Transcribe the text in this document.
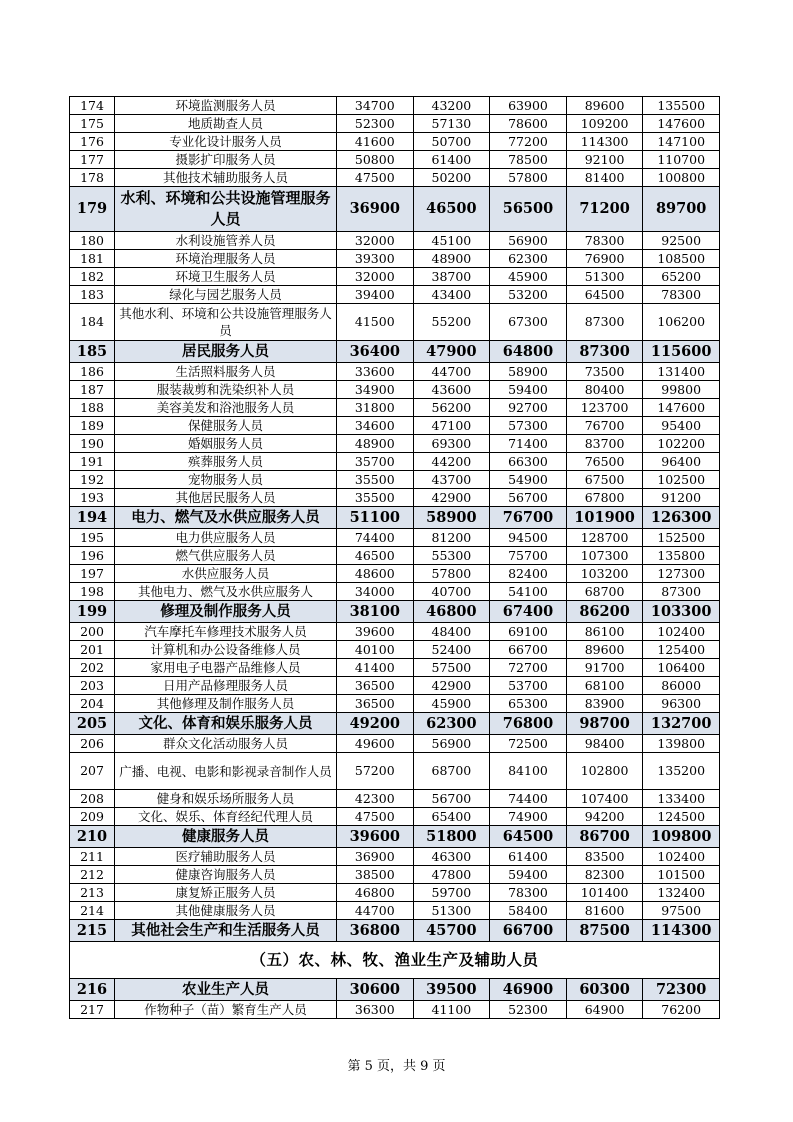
174	环境监测服务人员	34700	43200	63900	89600	135500
175	地质勘查人员	52300	57130	78600	109200	147600
176	专业化设计服务人员	41600	50700	77200	114300	147100
177	摄影扩印服务人员	50800	61400	78500	92100	110700
178	其他技术辅助服务人员	47500	50200	57800	81400	100800
179	水利、环境和公共设施管理服务人员	36900	46500	56500	71200	89700
180	水利设施管养人员	32000	45100	56900	78300	92500
181	环境治理服务人员	39300	48900	62300	76900	108500
182	环境卫生服务人员	32000	38700	45900	51300	65200
183	绿化与园艺服务人员	39400	43400	53200	64500	78300
184	其他水利、环境和公共设施管理服务人员	41500	55200	67300	87300	106200
185	居民服务人员	36400	47900	64800	87300	115600
186	生活照料服务人员	33600	44700	58900	73500	131400
187	服装裁剪和洗染织补人员	34900	43600	59400	80400	99800
188	美容美发和浴池服务人员	31800	56200	92700	123700	147600
189	保健服务人员	34600	47100	57300	76700	95400
190	婚姻服务人员	48900	69300	71400	83700	102200
191	殡葬服务人员	35700	44200	66300	76500	96400
192	宠物服务人员	35500	43700	54900	67500	102500
193	其他居民服务人员	35500	42900	56700	67800	91200
194	电力、燃气及水供应服务人员	51100	58900	76700	101900	126300
195	电力供应服务人员	74400	81200	94500	128700	152500
196	燃气供应服务人员	46500	55300	75700	107300	135800
197	水供应服务人员	48600	57800	82400	103200	127300
198	其他电力、燃气及水供应服务人	34000	40700	54100	68700	87300
199	修理及制作服务人员	38100	46800	67400	86200	103300
200	汽车摩托车修理技术服务人员	39600	48400	69100	86100	102400
201	计算机和办公设备维修人员	40100	52400	66700	89600	125400
202	家用电子电器产品维修人员	41400	57500	72700	91700	106400
203	日用产品修理服务人员	36500	42900	53700	68100	86000
204	其他修理及制作服务人员	36500	45900	65300	83900	96300
205	文化、体育和娱乐服务人员	49200	62300	76800	98700	132700
206	群众文化活动服务人员	49600	56900	72500	98400	139800
207	广播、电视、电影和影视录音制作人员	57200	68700	84100	102800	135200
208	健身和娱乐场所服务人员	42300	56700	74400	107400	133400
209	文化、娱乐、体育经纪代理人员	47500	65400	74900	94200	124500
210	健康服务人员	39600	51800	64500	86700	109800
211	医疗辅助服务人员	36900	46300	61400	83500	102400
212	健康咨询服务人员	38500	47800	59400	82300	101500
213	康复矫正服务人员	46800	59700	78300	101400	132400
214	其他健康服务人员	44700	51300	58400	81600	97500
215	其他社会生产和生活服务人员	36800	45700	66700	87500	114300
（五）农、林、牧、渔业生产及辅助人员						
216	农业生产人员	30600	39500	46900	60300	72300
217	作物种子（苗）繁育生产人员	36300	41100	52300	64900	76200
第 5 页，共 9 页
